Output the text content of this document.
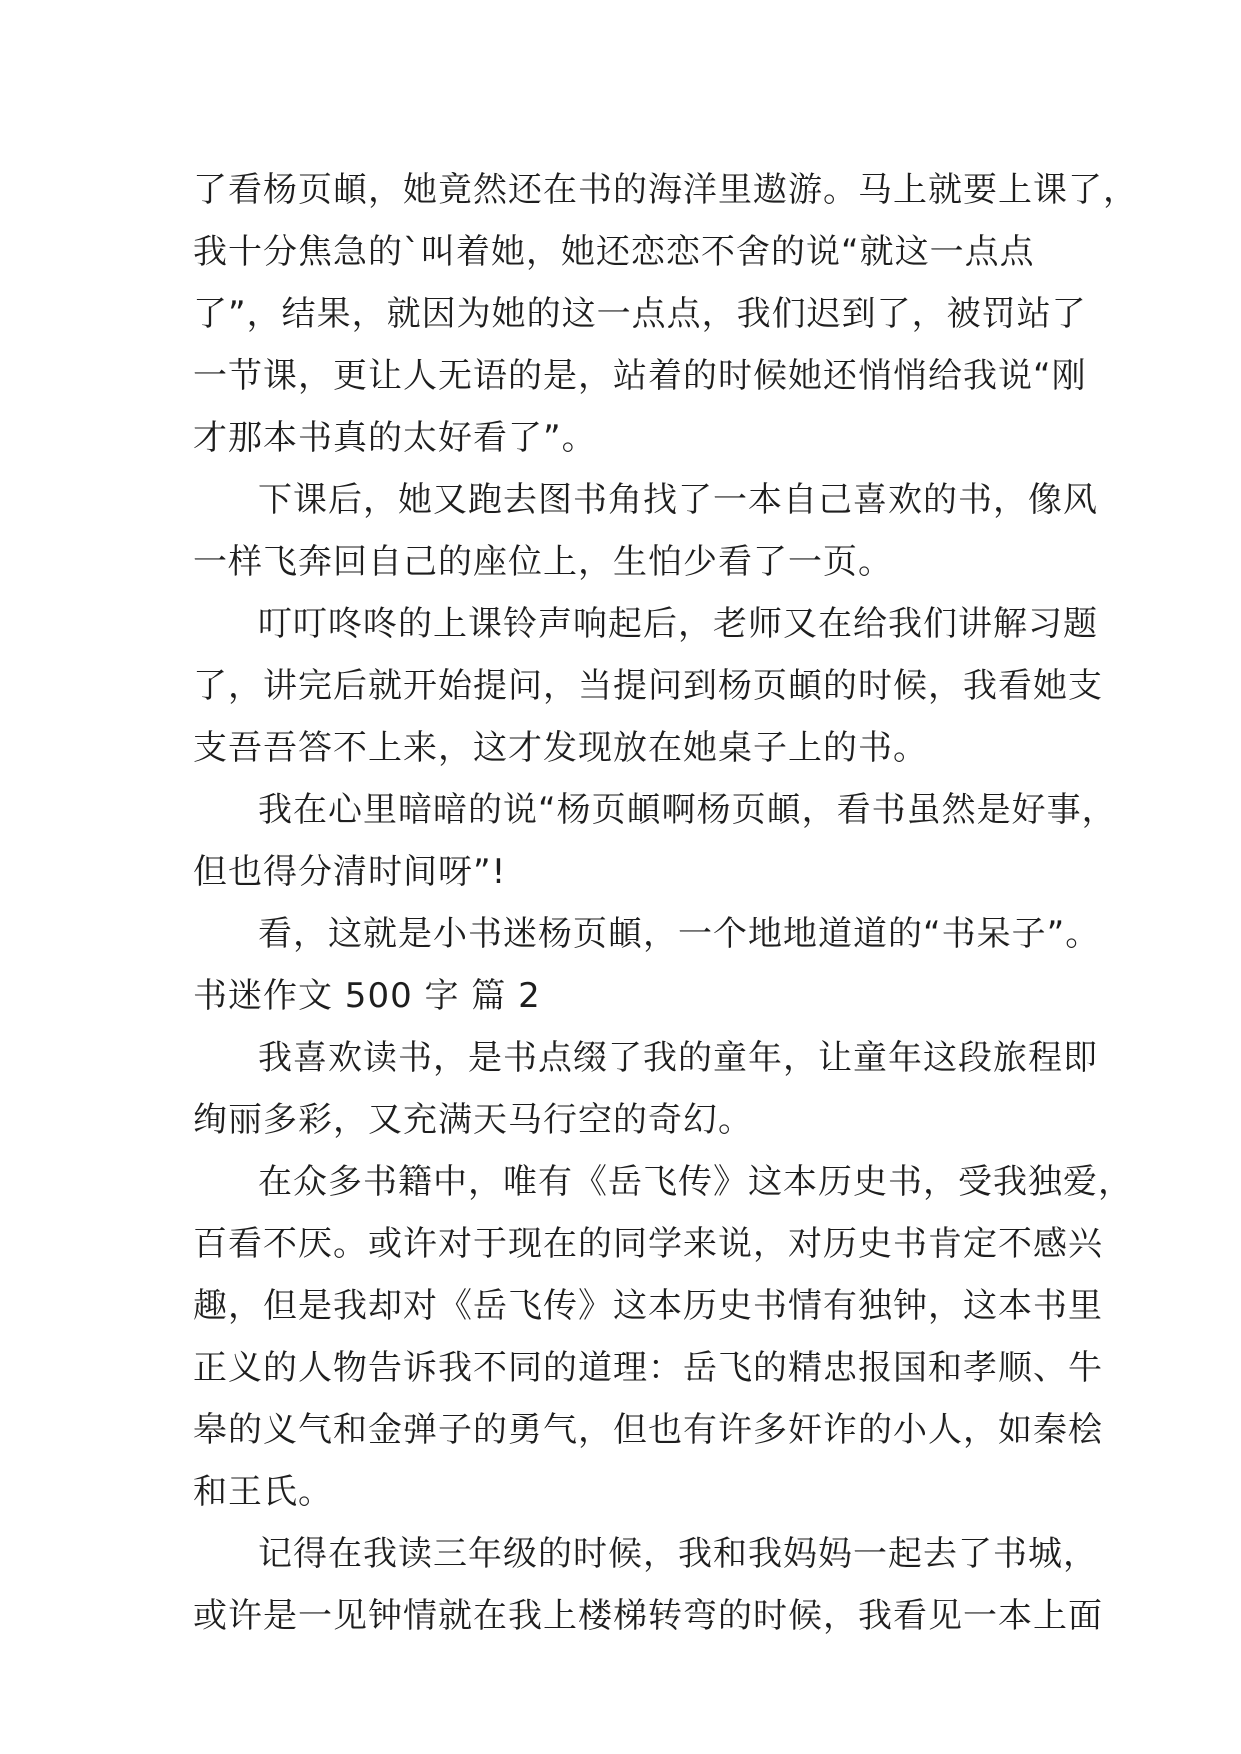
了看杨页頔，她竟然还在书的海洋里遨游。马上就要上课了，
我十分焦急的`叫着她，她还恋恋不舍的说“就这一点点
了”，结果，就因为她的这一点点，我们迟到了，被罚站了
一节课，更让人无语的是，站着的时候她还悄悄给我说“刚
才那本书真的太好看了”。
下课后，她又跑去图书角找了一本自己喜欢的书，像风
一样飞奔回自己的座位上，生怕少看了一页。
叮叮咚咚的上课铃声响起后，老师又在给我们讲解习题
了，讲完后就开始提问，当提问到杨页頔的时候，我看她支
支吾吾答不上来，这才发现放在她桌子上的书。
我在心里暗暗的说“杨页頔啊杨页頔，看书虽然是好事，
但也得分清时间呀”!
看，这就是小书迷杨页頔，一个地地道道的“书呆子”。
书迷作文 500 字 篇 2
我喜欢读书，是书点缀了我的童年，让童年这段旅程即
绚丽多彩，又充满天马行空的奇幻。
在众多书籍中，唯有《岳飞传》这本历史书，受我独爱，
百看不厌。或许对于现在的同学来说，对历史书肯定不感兴
趣，但是我却对《岳飞传》这本历史书情有独钟，这本书里
正义的人物告诉我不同的道理：岳飞的精忠报国和孝顺、牛
皋的义气和金弹子的勇气，但也有许多奸诈的小人，如秦桧
和王氏。
记得在我读三年级的时候，我和我妈妈一起去了书城，
或许是一见钟情就在我上楼梯转弯的时候，我看见一本上面
